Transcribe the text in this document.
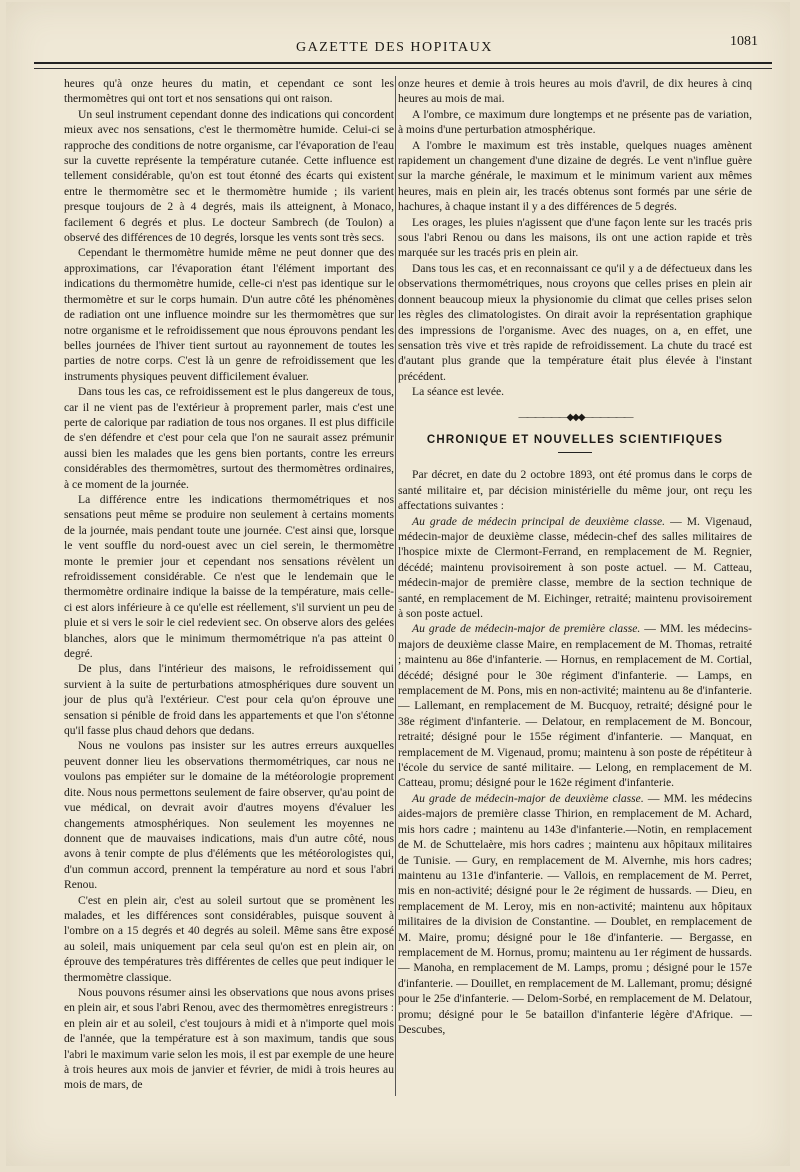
GAZETTE DES HOPITAUX	1081

heures qu'à onze heures du matin, et cependant ce sont les thermomètres qui ont tort et nos sensations qui ont raison.

Un seul instrument cependant donne des indications qui concordent mieux avec nos sensations, c'est le thermomètre humide. Celui-ci se rapproche des conditions de notre organisme, car l'évaporation de l'eau sur la cuvette représente la température cutanée. Cette influence est tellement considérable, qu'on est tout étonné des écarts qui existent entre le thermomètre sec et le thermomètre humide ; ils varient presque toujours de 2 à 4 degrés, mais ils atteignent, à Monaco, facilement 6 degrés et plus. Le docteur Sambrech (de Toulon) a observé des différences de 10 degrés, lorsque les vents sont très secs.

Cependant le thermomètre humide même ne peut donner que des approximations, car l'évaporation étant l'élément important des indications du thermomètre humide, celle-ci n'est pas identique sur le thermomètre et sur le corps humain. D'un autre côté les phénomènes de radiation ont une influence moindre sur les thermomètres que sur notre organisme et le refroidissement que nous éprouvons pendant les belles journées de l'hiver tient surtout au rayonnement de toutes les parties de notre corps. C'est là un genre de refroidissement que les instruments physiques peuvent difficilement évaluer.

Dans tous les cas, ce refroidissement est le plus dangereux de tous, car il ne vient pas de l'extérieur à proprement parler, mais c'est une perte de calorique par radiation de tous nos organes. Il est plus difficile de s'en défendre et c'est pour cela que l'on ne saurait assez prémunir aussi bien les malades que les gens bien portants, contre les erreurs considérables des thermomètres, surtout des thermomètres ordinaires, à ce moment de la journée.

La différence entre les indications thermométriques et nos sensations peut même se produire non seulement à certains moments de la journée, mais pendant toute une journée. C'est ainsi que, lorsque le vent souffle du nord-ouest avec un ciel serein, le thermomètre monte le premier jour et cependant nos sensations révèlent un refroidissement considérable. Ce n'est que le lendemain que le thermomètre ordinaire indique la baisse de la température, mais celle-ci est alors inférieure à ce qu'elle est réellement, s'il survient un peu de pluie et si vers le soir le ciel redevient sec. On observe alors des gelées blanches, alors que le minimum thermométrique n'a pas atteint 0 degré.

De plus, dans l'intérieur des maisons, le refroidissement qui survient à la suite de perturbations atmosphériques dure souvent un jour de plus qu'à l'extérieur. C'est pour cela qu'on éprouve une sensation si pénible de froid dans les appartements et que l'on s'étonne qu'il fasse plus chaud dehors que dedans.

Nous ne voulons pas insister sur les autres erreurs auxquelles peuvent donner lieu les observations thermométriques, car nous ne voulons pas empiéter sur le domaine de la météorologie proprement dite. Nous nous permettons seulement de faire observer, qu'au point de vue médical, on devrait avoir d'autres moyens d'évaluer les changements atmosphériques. Non seulement les moyennes ne donnent que de mauvaises indications, mais d'un autre côté, nous avons à tenir compte de plus d'éléments que les météorologistes qui, d'un commun accord, prennent la température au nord et sous l'abri Renou.

C'est en plein air, c'est au soleil surtout que se promènent les malades, et les différences sont considérables, puisque souvent à l'ombre on a 15 degrés et 40 degrés au soleil. Même sans être exposé au soleil, mais uniquement par cela seul qu'on est en plein air, on éprouve des températures très différentes de celles que peut indiquer le thermomètre classique.

Nous pouvons résumer ainsi les observations que nous avons prises en plein air, et sous l'abri Renou, avec des thermomètres enregistreurs : en plein air et au soleil, c'est toujours à midi et à n'importe quel mois de l'année, que la température est à son maximum, tandis que sous l'abri le maximum varie selon les mois, il est par exemple de une heure à trois heures aux mois de janvier et février, de midi à trois heures au mois de mars, de

onze heures et demie à trois heures au mois d'avril, de dix heures à cinq heures au mois de mai.

A l'ombre, ce maximum dure longtemps et ne présente pas de variation, à moins d'une perturbation atmosphérique.

A l'ombre le maximum est très instable, quelques nuages amènent rapidement un changement d'une dizaine de degrés. Le vent n'influe guère sur la marche générale, le maximum et le minimum varient aux mêmes heures, mais en plein air, les tracés obtenus sont formés par une série de hachures, à chaque instant il y a des différences de 5 degrés.

Les orages, les pluies n'agissent que d'une façon lente sur les tracés pris sous l'abri Renou ou dans les maisons, ils ont une action rapide et très marquée sur les tracés pris en plein air.

Dans tous les cas, et en reconnaissant ce qu'il y a de défectueux dans les observations thermométriques, nous croyons que celles prises en plein air donnent beaucoup mieux la physionomie du climat que celles prises selon les règles des climatologistes. On dirait avoir la représentation graphique des impressions de l'organisme. Avec des nuages, on a, en effet, une sensation très vive et très rapide de refroidissement. La chute du tracé est d'autant plus grande que la température était plus élevée à l'instant précédent.

La séance est levée.

——————◆◆◆——————
CHRONIQUE ET NOUVELLES SCIENTIFIQUES

Par décret, en date du 2 octobre 1893, ont été promus dans le corps de santé militaire et, par décision ministérielle du même jour, ont reçu les affectations suivantes :

Au grade de médecin principal de deuxième classe. — M. Vigenaud, médecin-major de deuxième classe, médecin-chef des salles militaires de l'hospice mixte de Clermont-Ferrand, en remplacement de M. Regnier, décédé; maintenu provisoirement à son poste actuel. — M. Catteau, médecin-major de première classe, membre de la section technique de santé, en remplacement de M. Eichinger, retraité; maintenu provisoirement à son poste actuel.

Au grade de médecin-major de première classe. — MM. les médecins-majors de deuxième classe Maire, en remplacement de M. Thomas, retraité ; maintenu au 86e d'infanterie. — Hornus, en remplacement de M. Cortial, décédé; désigné pour le 30e régiment d'infanterie. — Lamps, en remplacement de M. Pons, mis en non-activité; maintenu au 8e d'infanterie. — Lallemant, en remplacement de M. Bucquoy, retraité; désigné pour le 38e régiment d'infanterie. — Delatour, en remplacement de M. Boncour, retraité; désigné pour le 155e régiment d'infanterie. — Manquat, en remplacement de M. Vigenaud, promu; maintenu à son poste de répétiteur à l'école du service de santé militaire. — Lelong, en remplacement de M. Catteau, promu; désigné pour le 162e régiment d'infanterie.

Au grade de médecin-major de deuxième classe. — MM. les médecins aides-majors de première classe Thirion, en remplacement de M. Achard, mis hors cadre ; maintenu au 143e d'infanterie.—Notin, en remplacement de M. de Schuttelaère, mis hors cadres ; maintenu aux hôpitaux militaires de Tunisie. — Gury, en remplacement de M. Alvernhe, mis hors cadres; maintenu au 131e d'infanterie. — Vallois, en remplacement de M. Perret, mis en non-activité; désigné pour le 2e régiment de hussards. — Dieu, en remplacement de M. Leroy, mis en non-activité; maintenu aux hôpitaux militaires de la division de Constantine. — Doublet, en remplacement de M. Maire, promu; désigné pour le 18e d'infanterie. — Bergasse, en remplacement de M. Hornus, promu; maintenu au 1er régiment de hussards. — Manoha, en remplacement de M. Lamps, promu ; désigné pour le 157e d'infanterie. — Douillet, en remplacement de M. Lallemant, promu; désigné pour le 25e d'infanterie. — Delom-Sorbé, en remplacement de M. Delatour, promu; désigné pour le 5e bataillon d'infanterie légère d'Afrique. — Descubes,
